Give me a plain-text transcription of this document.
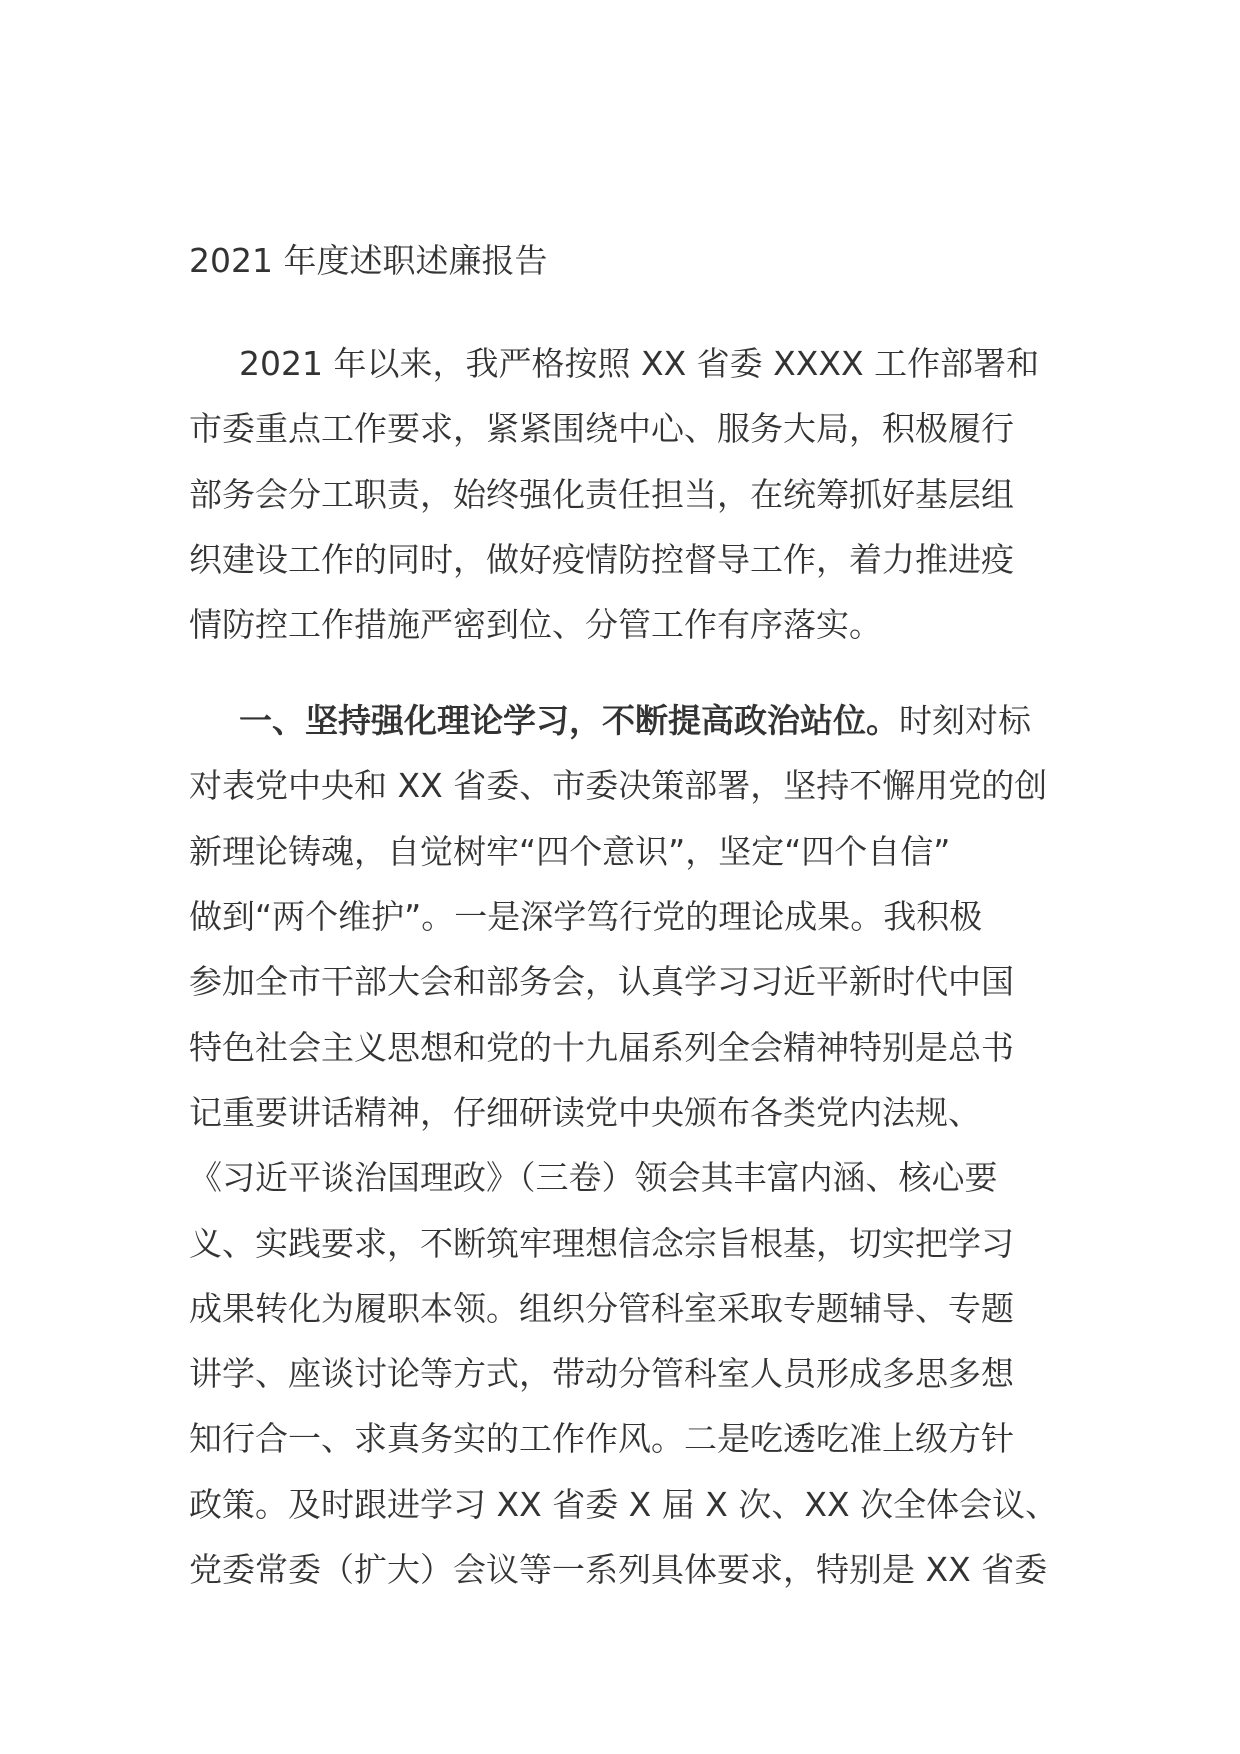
2021 年度述职述廉报告

2021 年以来，我严格按照 XX 省委 XXXX 工作部署和

市委重点工作要求，紧紧围绕中心、服务大局，积极履行

部务会分工职责，始终强化责任担当，在统筹抓好基层组

织建设工作的同时，做好疫情防控督导工作，着力推进疫

情防控工作措施严密到位、分管工作有序落实。

一、坚持强化理论学习，不断提高政治站位。时刻对标

对表党中央和 XX 省委、市委决策部署，坚持不懈用党的创

新理论铸魂，自觉树牢“四个意识”，坚定“四个自信”

做到“两个维护”。一是深学笃行党的理论成果。我积极

参加全市干部大会和部务会，认真学习习近平新时代中国

特色社会主义思想和党的十九届系列全会精神特别是总书

记重要讲话精神，仔细研读党中央颁布各类党内法规、

《习近平谈治国理政》（三卷）领会其丰富内涵、核心要

义、实践要求，不断筑牢理想信念宗旨根基，切实把学习

成果转化为履职本领。组织分管科室采取专题辅导、专题

讲学、座谈讨论等方式，带动分管科室人员形成多思多想

知行合一、求真务实的工作作风。二是吃透吃准上级方针

政策。及时跟进学习 XX 省委 X 届 X 次、XX 次全体会议、

党委常委（扩大）会议等一系列具体要求，特别是 XX 省委
